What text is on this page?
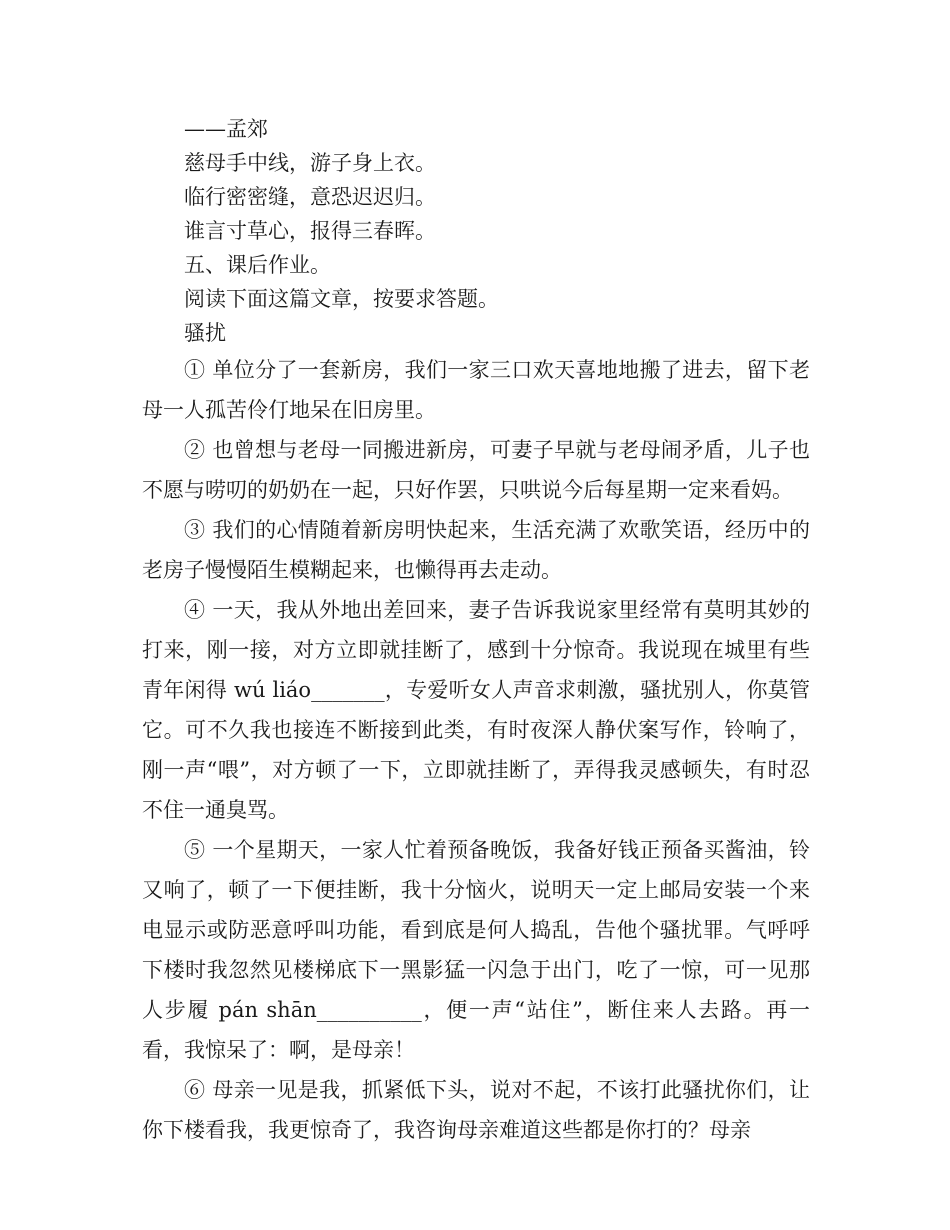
——孟郊

慈母手中线，游子身上衣。

临行密密缝，意恐迟迟归。

谁言寸草心，报得三春晖。

五、课后作业。

阅读下面这篇文章，按要求答题。

骚扰

① 单位分了一套新房，我们一家三口欢天喜地地搬了进去，留下老母一人孤苦伶仃地呆在旧房里。

② 也曾想与老母一同搬进新房，可妻子早就与老母闹矛盾，儿子也不愿与唠叨的奶奶在一起，只好作罢，只哄说今后每星期一定来看妈。

③ 我们的心情随着新房明快起来，生活充满了欢歌笑语，经历中的老房子慢慢陌生模糊起来，也懒得再去走动。

④ 一天，我从外地出差回来，妻子告诉我说家里经常有莫明其妙的打来，刚一接，对方立即就挂断了，感到十分惊奇。我说现在城里有些青年闲得 wú liáo_______，专爱听女人声音求刺激，骚扰别人，你莫管它。可不久我也接连不断接到此类，有时夜深人静伏案写作，铃响了，刚一声“喂”，对方顿了一下，立即就挂断了，弄得我灵感顿失，有时忍不住一通臭骂。

⑤ 一个星期天，一家人忙着预备晚饭，我备好钱正预备买酱油，铃又响了，顿了一下便挂断，我十分恼火，说明天一定上邮局安装一个来电显示或防恶意呼叫功能，看到底是何人捣乱，告他个骚扰罪。气呼呼下楼时我忽然见楼梯底下一黑影猛一闪急于出门，吃了一惊，可一见那人步履 pán shān__________，便一声“站住”，断住来人去路。再一看，我惊呆了：啊，是母亲！

⑥ 母亲一见是我，抓紧低下头，说对不起，不该打此骚扰你们，让你下楼看我，我更惊奇了，我咨询母亲难道这些都是你打的？母亲
